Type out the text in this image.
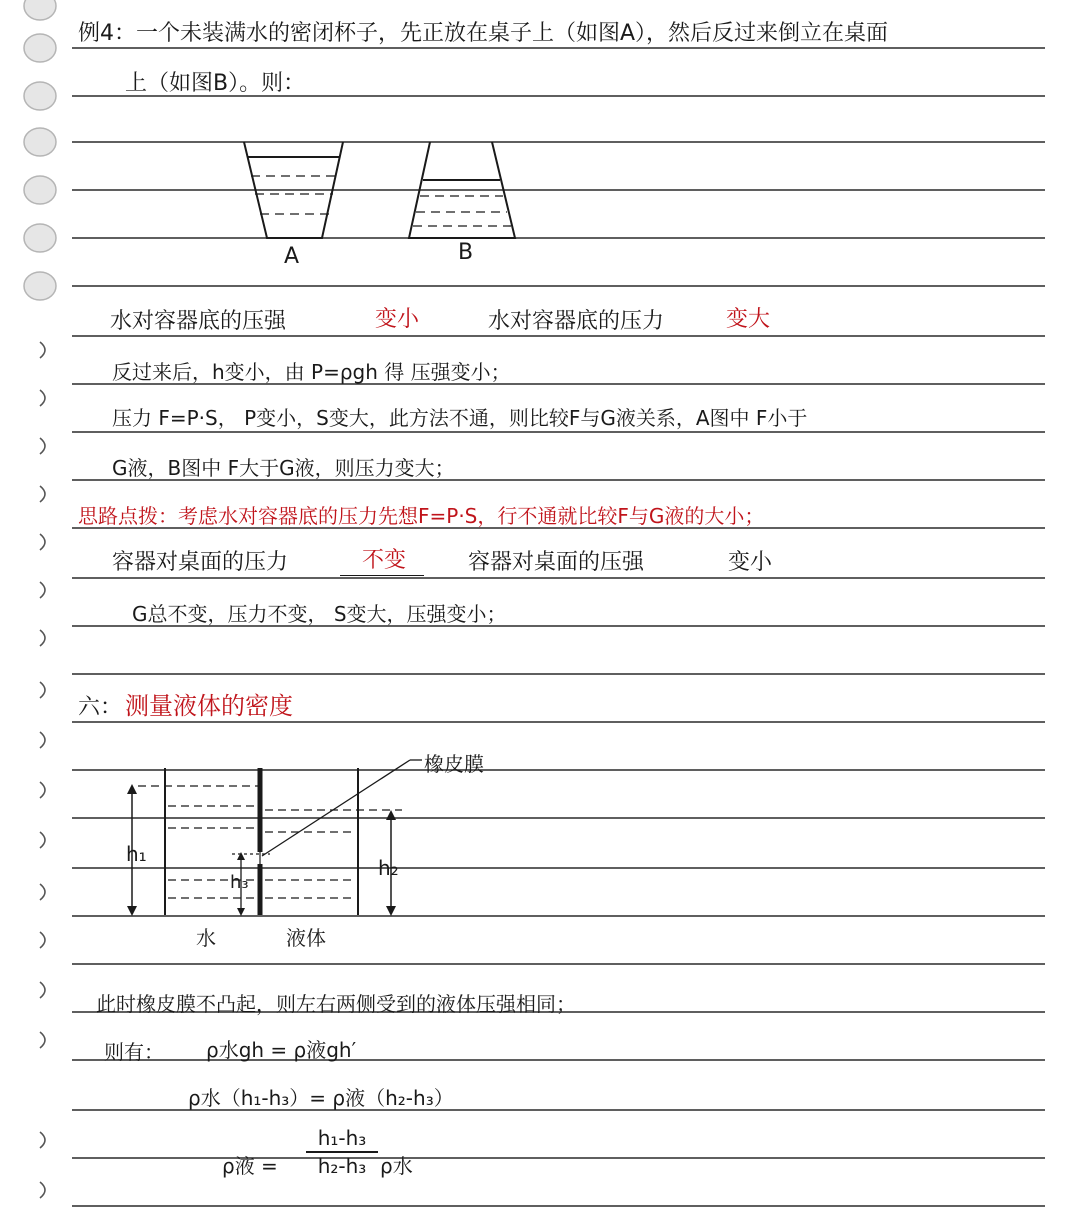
例4：一个未装满水的密闭杯子，先正放在桌子上（如图A），然后反过来倒立在桌面
上（如图B）。则：
A	B
水对容器底的压强	变小	水对容器底的压力	变大
反过来后，h变小，由 P=ρgh 得 压强变小；
压力 F=P·S， P变小，S变大，此方法不通，则比较F与G液关系，A图中 F小于
G液，B图中 F大于G液，则压力变大；
思路点拨：考虑水对容器底的压力先想F=P·S，行不通就比较F与G液的大小；
容器对桌面的压力	不变	容器对桌面的压强	变小
G总不变，压力不变， S变大，压强变小；
六： 测量液体的密度
橡皮膜
h₁
h₃
h₂
水	液体
此时橡皮膜不凸起，则左右两侧受到的液体压强相同；
则有： ρ水gh = ρ液gh′
ρ水（h₁-h₃）= ρ液（h₂-h₃）
ρ液 =
h₁-h₃
h₂-h₃ ρ水
